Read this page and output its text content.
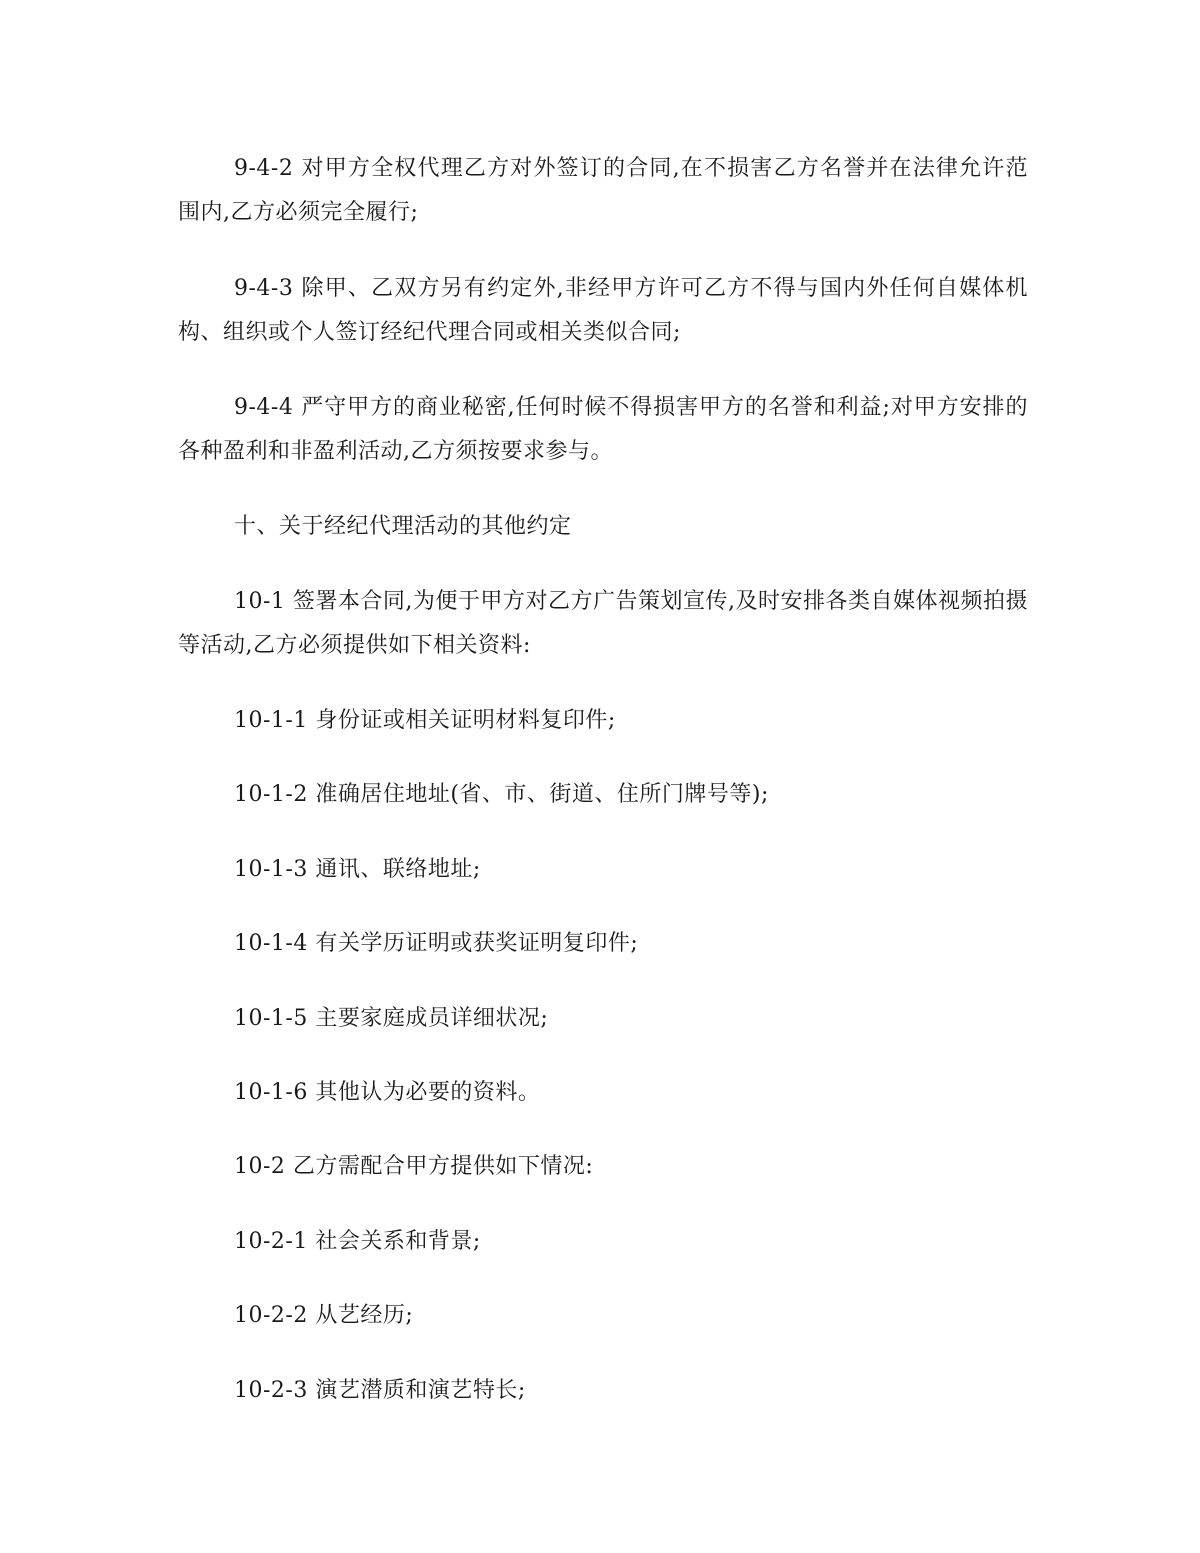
9-4-2 对甲方全权代理乙方对外签订的合同,在不损害乙方名誉并在法律允许范围内,乙方必须完全履行;

9-4-3 除甲、乙双方另有约定外,非经甲方许可乙方不得与国内外任何自媒体机构、组织或个人签订经纪代理合同或相关类似合同;

9-4-4 严守甲方的商业秘密,任何时候不得损害甲方的名誉和利益;对甲方安排的各种盈利和非盈利活动,乙方须按要求参与。

十、关于经纪代理活动的其他约定

10-1 签署本合同,为便于甲方对乙方广告策划宣传,及时安排各类自媒体视频拍摄等活动,乙方必须提供如下相关资料:

10-1-1 身份证或相关证明材料复印件;

10-1-2 准确居住地址(省、市、街道、住所门牌号等);

10-1-3 通讯、联络地址;

10-1-4 有关学历证明或获奖证明复印件;

10-1-5 主要家庭成员详细状况;

10-1-6 其他认为必要的资料。

10-2 乙方需配合甲方提供如下情况:

10-2-1 社会关系和背景;

10-2-2 从艺经历;

10-2-3 演艺潜质和演艺特长;
